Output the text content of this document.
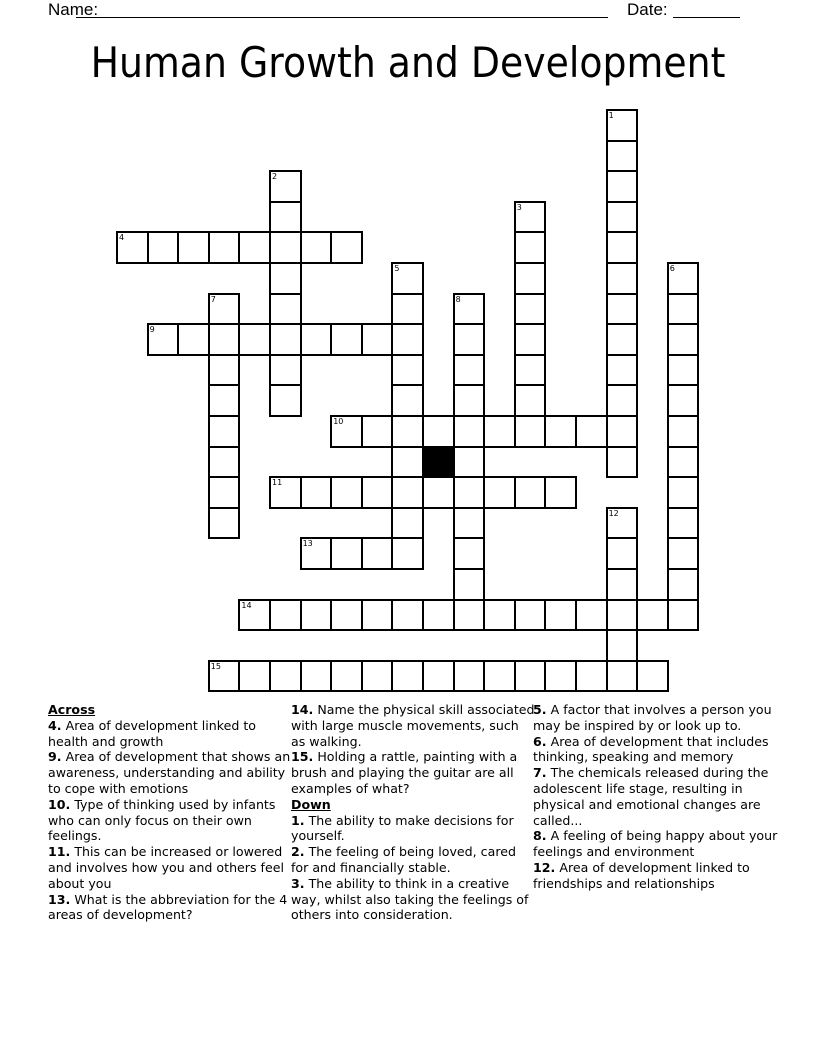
Name:	Date:
Human Growth and Development
1
2
3
4
5	6
7	8
9
10
11
12
13
14
15
Across
4. Area of development linked to health and growth
9. Area of development that shows an awareness, understanding and ability to cope with emotions
10. Type of thinking used by infants who can only focus on their own feelings.
11. This can be increased or lowered and involves how you and others feel about you
13. What is the abbreviation for the 4 areas of development?
14. Name the physical skill associated with large muscle movements, such as walking.
15. Holding a rattle, painting with a brush and playing the guitar are all examples of what?
Down
1. The ability to make decisions for yourself.
2. The feeling of being loved, cared for and financially stable.
3. The ability to think in a creative way, whilst also taking the feelings of others into consideration.
5. A factor that involves a person you may be inspired by or look up to.
6. Area of development that includes thinking, speaking and memory
7. The chemicals released during the adolescent life stage, resulting in physical and emotional changes are called...
8. A feeling of being happy about your feelings and environment
12. Area of development linked to friendships and relationships
